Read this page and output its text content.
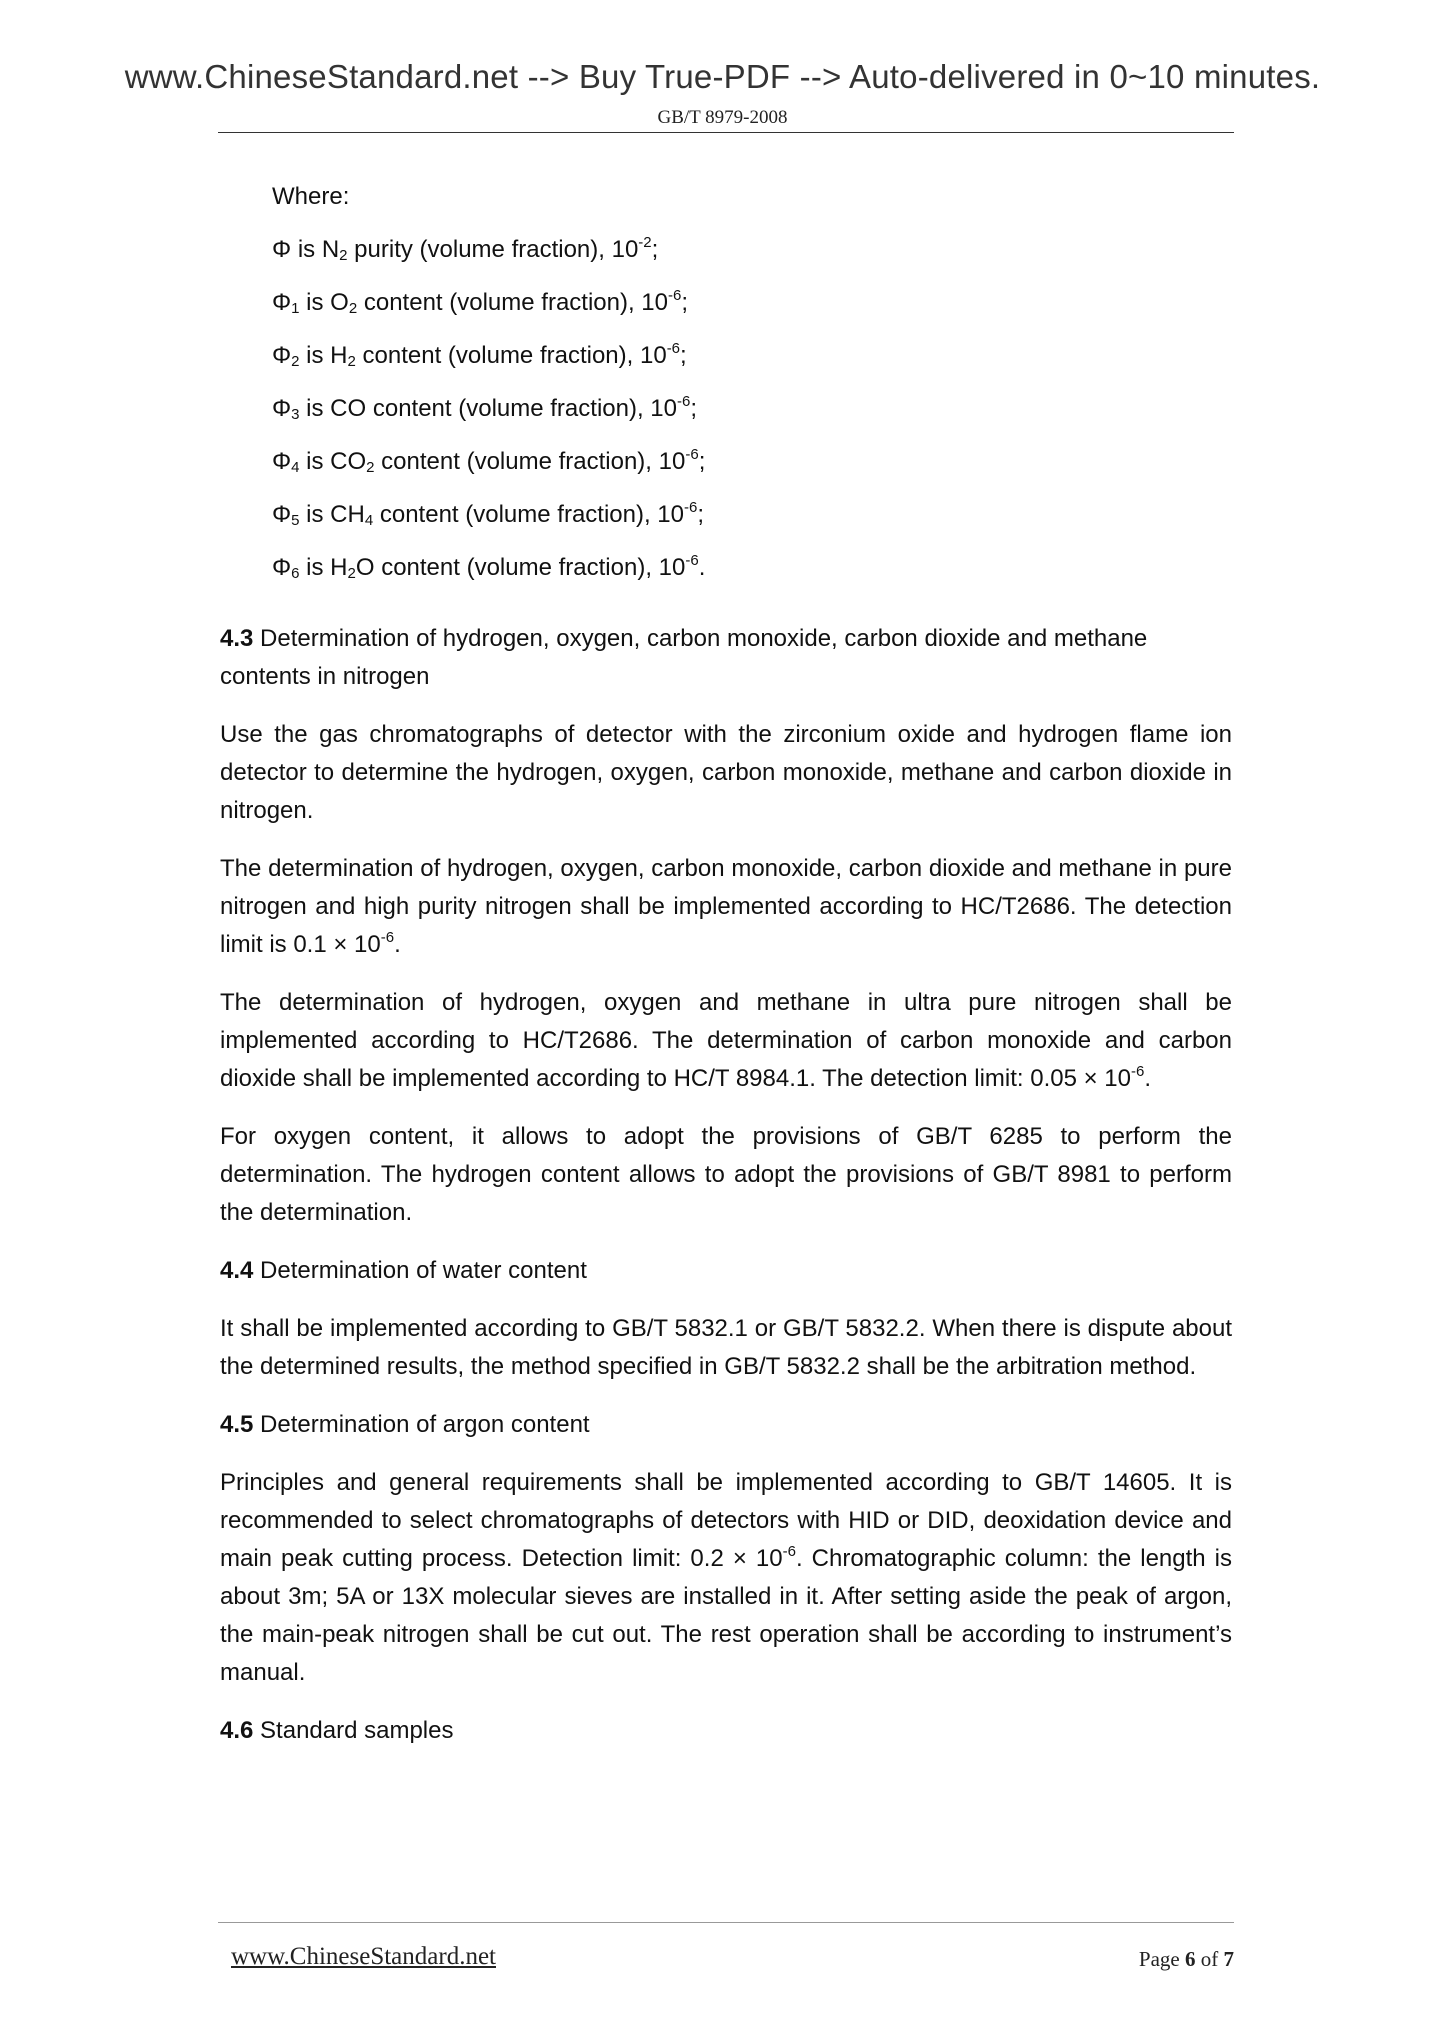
www.ChineseStandard.net --> Buy True-PDF --> Auto-delivered in 0~10 minutes.
GB/T 8979-2008
Where:
Φ is $N_2$ purity (volume fraction), $10^{-2}$;
$\Phi_1$ is $O_2$ content (volume fraction), $10^{-6}$;
$\Phi_2$ is $H_2$ content (volume fraction), $10^{-6}$;
$\Phi_3$ is CO content (volume fraction), $10^{-6}$;
$\Phi_4$ is $CO_2$ content (volume fraction), $10^{-6}$;
$\Phi_5$ is $CH_4$ content (volume fraction), $10^{-6}$;
$\Phi_6$ is $H_2O$ content (volume fraction), $10^{-6}$.
4.3 Determination of hydrogen, oxygen, carbon monoxide, carbon dioxide and methane contents in nitrogen

Use the gas chromatographs of detector with the zirconium oxide and hydrogen flame ion detector to determine the hydrogen, oxygen, carbon monoxide, methane and carbon dioxide in nitrogen.

The determination of hydrogen, oxygen, carbon monoxide, carbon dioxide and methane in pure nitrogen and high purity nitrogen shall be implemented according to HC/T2686. The detection limit is $0.1 \times 10^{-6}$.

The determination of hydrogen, oxygen and methane in ultra pure nitrogen shall be implemented according to HC/T2686. The determination of carbon monoxide and carbon dioxide shall be implemented according to HC/T 8984.1. The detection limit: $0.05 \times 10^{-6}$.

For oxygen content, it allows to adopt the provisions of GB/T 6285 to perform the determination. The hydrogen content allows to adopt the provisions of GB/T 8981 to perform the determination.

4.4 Determination of water content

It shall be implemented according to GB/T 5832.1 or GB/T 5832.2. When there is dispute about the determined results, the method specified in GB/T 5832.2 shall be the arbitration method.

4.5 Determination of argon content

Principles and general requirements shall be implemented according to GB/T 14605. It is recommended to select chromatographs of detectors with HID or DID, deoxidation device and main peak cutting process. Detection limit: $0.2 \times 10^{-6}$. Chromatographic column: the length is about 3m; 5A or 13X molecular sieves are installed in it. After setting aside the peak of argon, the main-peak nitrogen shall be cut out. The rest operation shall be according to instrument’s manual.

4.6 Standard samples
www.ChineseStandard.net	Page 6 of 7
